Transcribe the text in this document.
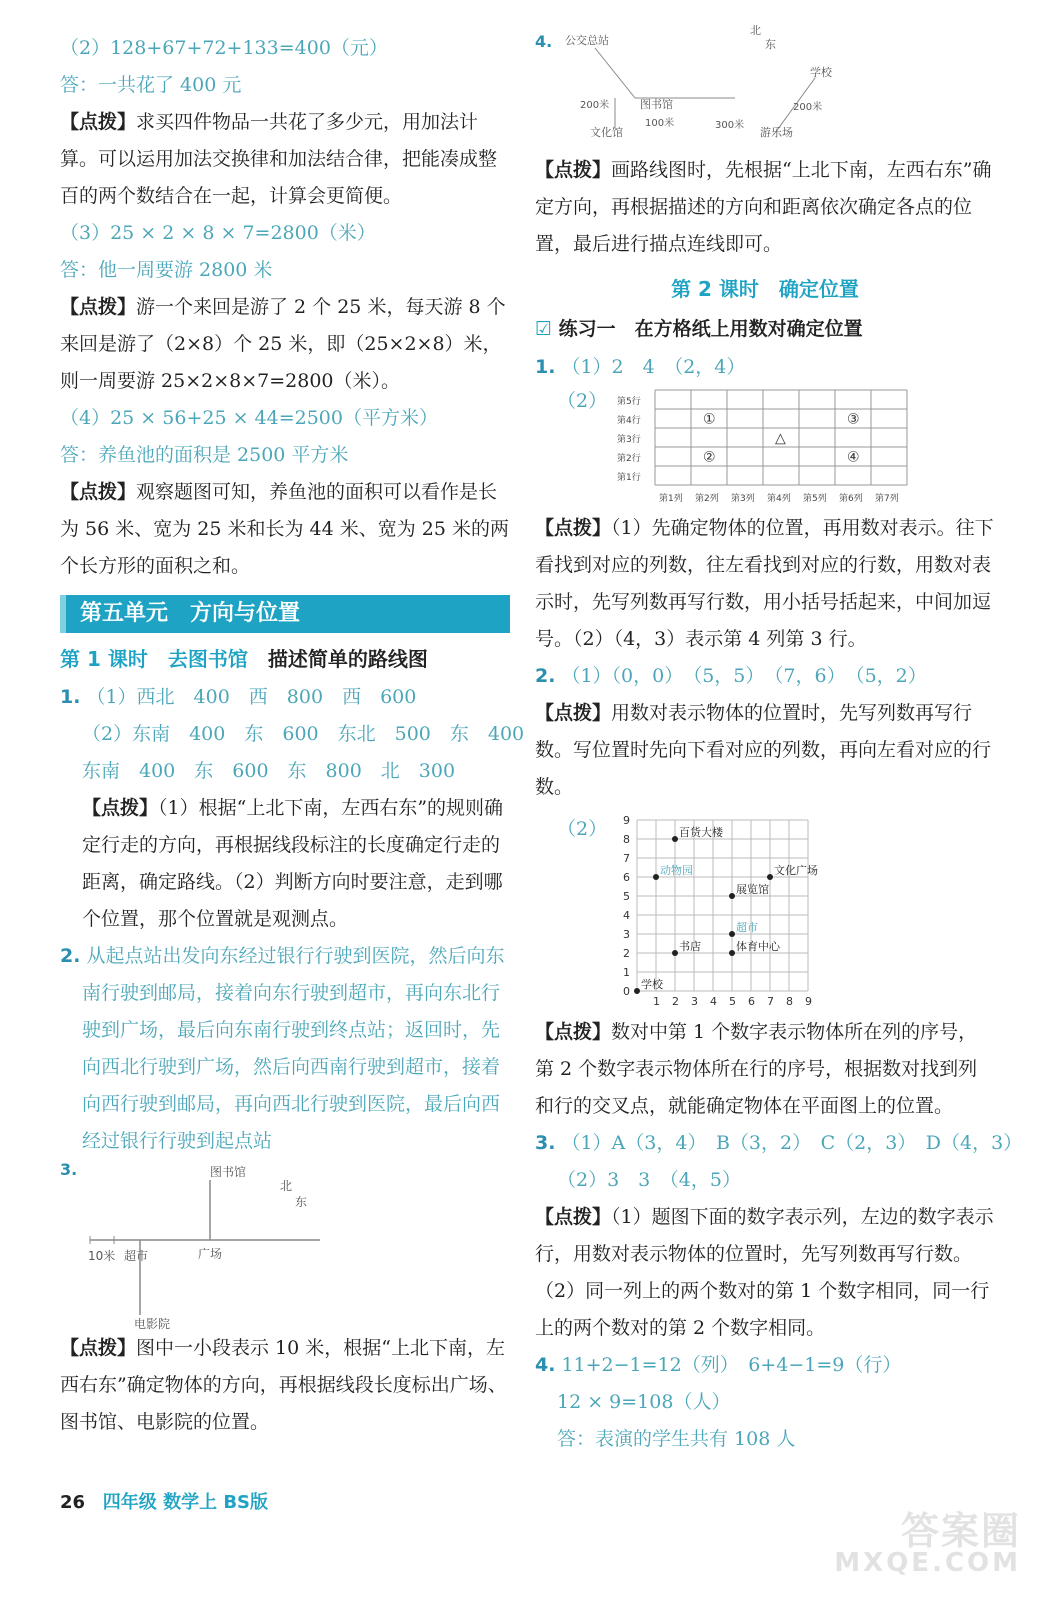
（2）128+67+72+133=400（元）
答：一共花了 400 元
【点拨】求买四件物品一共花了多少元，用加法计算。可以运用加法交换律和加法结合律，把能凑成整百的两个数结合在一起，计算会更简便。
（3）25 × 2 × 8 × 7=2800（米）
答：他一周要游 2800 米
【点拨】游一个来回是游了 2 个 25 米，每天游 8 个来回是游了（2×8）个 25 米，即（25×2×8）米，则一周要游 25×2×8×7=2800（米）。
（4）25 × 56+25 × 44=2500（平方米）
答：养鱼池的面积是 2500 平方米
【点拨】观察题图可知，养鱼池的面积可以看作是长为 56 米、宽为 25 米和长为 44 米、宽为 25 米的两个长方形的面积之和。
第五单元　方向与位置	║
第 1 课时　去图书馆　 描述简单的路线图
1. （1）西北　400　西　800　西　600
（2）东南　400　东　600　东北　500　东　400
东南　400　东　600　东　800　北　300
【点拨】（1）根据“上北下南，左西右东”的规则确定行走的方向，再根据线段标注的长度确定行走的距离，确定路线。（2）判断方向时要注意，走到哪个位置，那个位置就是观测点。
2. 从起点站出发向东经过银行行驶到医院，然后向东南行驶到邮局，接着向东行驶到超市，再向东北行驶到广场，最后向东南行驶到终点站；返回时，先向西北行驶到广场，然后向西南行驶到超市，接着向西行驶到邮局，再向西北行驶到医院，最后向西经过银行行驶到起点站
3.	图书馆
北
东
10米 超市	广场
电影院
【点拨】图中一小段表示 10 米，根据“上北下南，左西右东”确定物体的方向，再根据线段长度标出广场、图书馆、电影院的位置。
4. 公交总站
北
东
学校
200米	图书馆
100米	300米
文化馆
200米
游乐场
【点拨】画路线图时，先根据“上北下南，左西右东”确定方向，再根据描述的方向和距离依次确定各点的位置，最后进行描点连线即可。
第 2 课时　确定位置
☑ 练习一　在方格纸上用数对确定位置
1. （1）2　4　（2，4）
（2） 第5行
第4行
第3行
第2行
第1行
第1列 第2列 第3列 第4列 第5列 第6列 第7列
①
②
③
④
△
【点拨】（1）先确定物体的位置，再用数对表示。往下看找到对应的列数，往左看找到对应的行数，用数对表示时，先写列数再写行数，用小括号括起来，中间加逗号。（2）（4，3）表示第 4 列第 3 行。
2. （1）（0，0）　（5，5）　（7，6）　（5，2）
【点拨】用数对表示物体的位置时，先写列数再写行数。写位置时先向下看对应的列数，再向左看对应的行数。
（2） 9
8
7
6
5
4
3
2
1
0
1 2 3 4 5 6 7 8 9
百货大楼
动物园	文化广场
展览馆
超市
书店	体育中心
学校
【点拨】数对中第 1 个数字表示物体所在列的序号，第 2 个数字表示物体所在行的序号，根据数对找到列和行的交叉点，就能确定物体在平面图上的位置。
3. （1）A（3，4）　B（3，2）　C（2，3）　D（4，3）
（2）3　3　（4，5）
【点拨】（1）题图下面的数字表示列，左边的数字表示行，用数对表示物体的位置时，先写列数再写行数。（2）同一列上的两个数对的第 1 个数字相同，同一行上的两个数对的第 2 个数字相同。
4. 11+2−1=12（列）　6+4−1=9（行）
12 × 9=108（人）
答：表演的学生共有 108 人
26 四年级 数学上 BS版
答案圈
MXQE.COM
